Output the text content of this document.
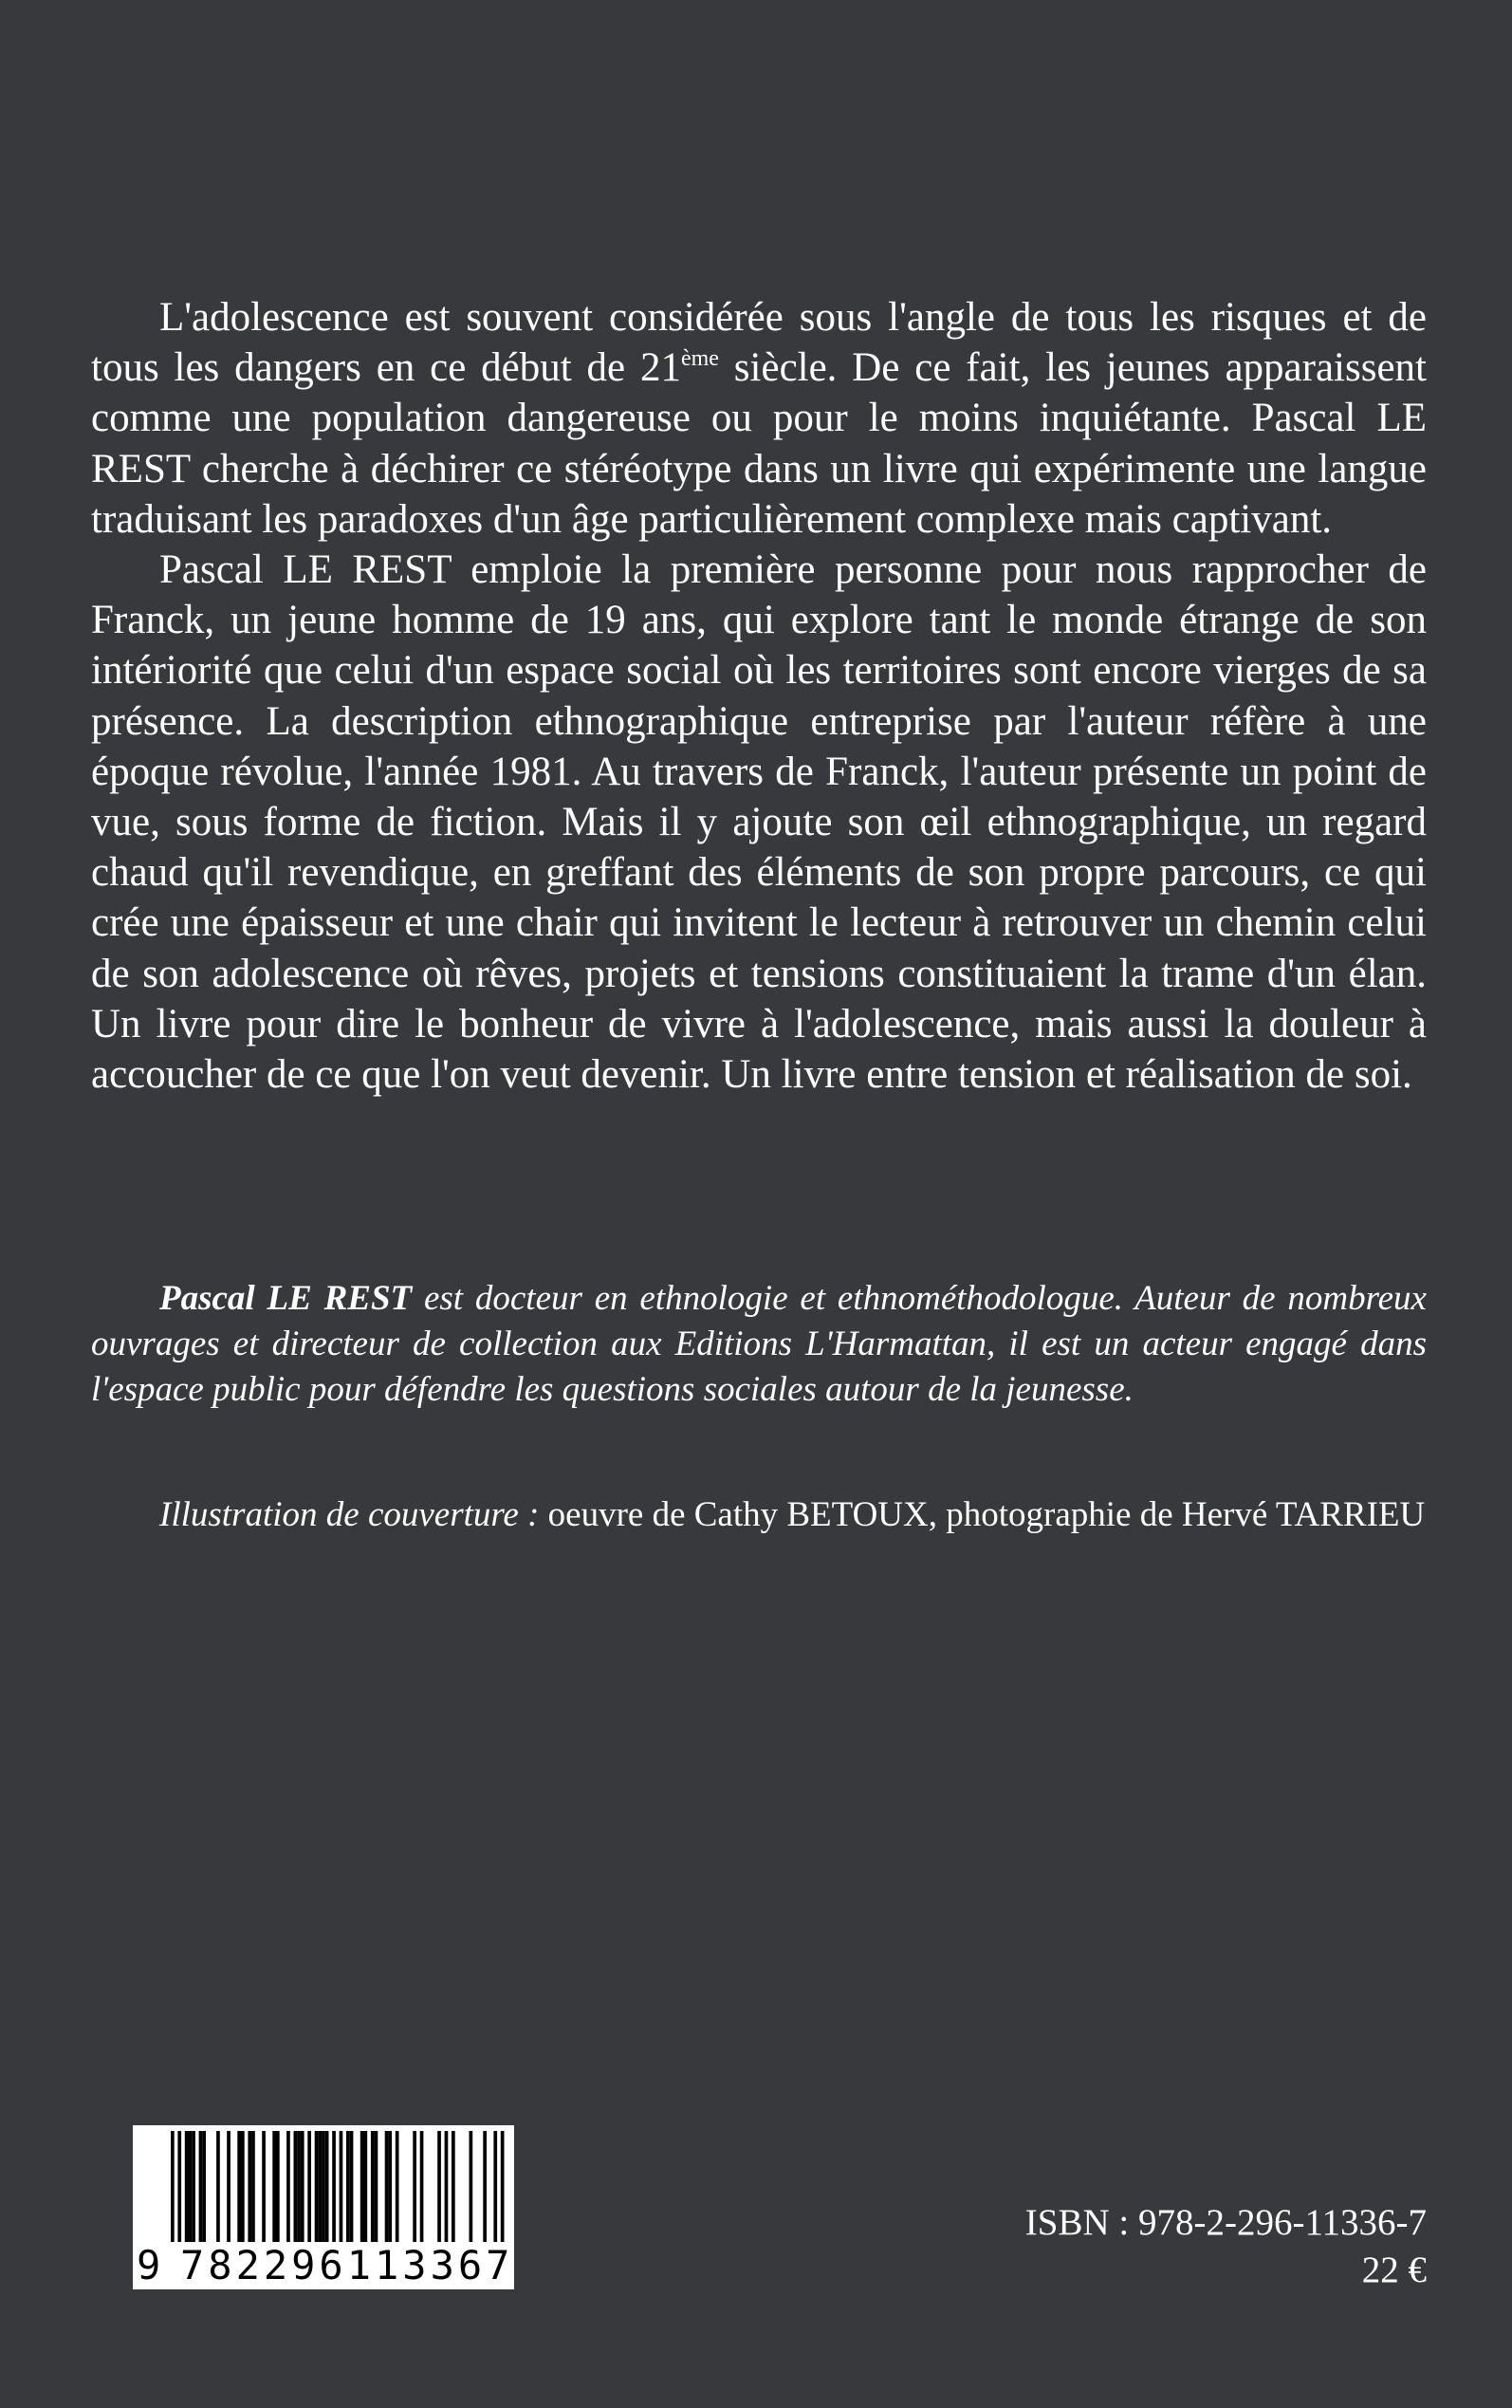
L'adolescence est souvent considérée sous l'angle de tous les risques et de tous les dangers en ce début de 21ème siècle. De ce fait, les jeunes apparaissent comme une population dangereuse ou pour le moins inquiétante. Pascal LE REST cherche à déchirer ce stéréotype dans un livre qui expérimente une langue traduisant les paradoxes d'un âge particulièrement complexe mais captivant.

Pascal LE REST emploie la première personne pour nous rapprocher de Franck, un jeune homme de 19 ans, qui explore tant le monde étrange de son intériorité que celui d'un espace social où les territoires sont encore vierges de sa présence. La description ethnographique entreprise par l'auteur réfère à une époque révolue, l'année 1981. Au travers de Franck, l'auteur présente un point de vue, sous forme de fiction. Mais il y ajoute son œil ethnographique, un regard chaud qu'il revendique, en greffant des éléments de son propre parcours, ce qui crée une épaisseur et une chair qui invitent le lecteur à retrouver un chemin celui de son adolescence où rêves, projets et tensions constituaient la trame d'un élan. Un livre pour dire le bonheur de vivre à l'adolescence, mais aussi la douleur à accoucher de ce que l'on veut devenir. Un livre entre tension et réalisation de soi.

Pascal LE REST est docteur en ethnologie et ethnométhodologue. Auteur de nombreux ouvrages et directeur de collection aux Editions L'Harmattan, il est un acteur engagé dans l'espace public pour défendre les questions sociales autour de la jeunesse.

Illustration de couverture : oeuvre de Cathy BETOUX, photographie de Hervé TARRIEU
9 782296113367
ISBN : 978-2-296-11336-7
22 €
